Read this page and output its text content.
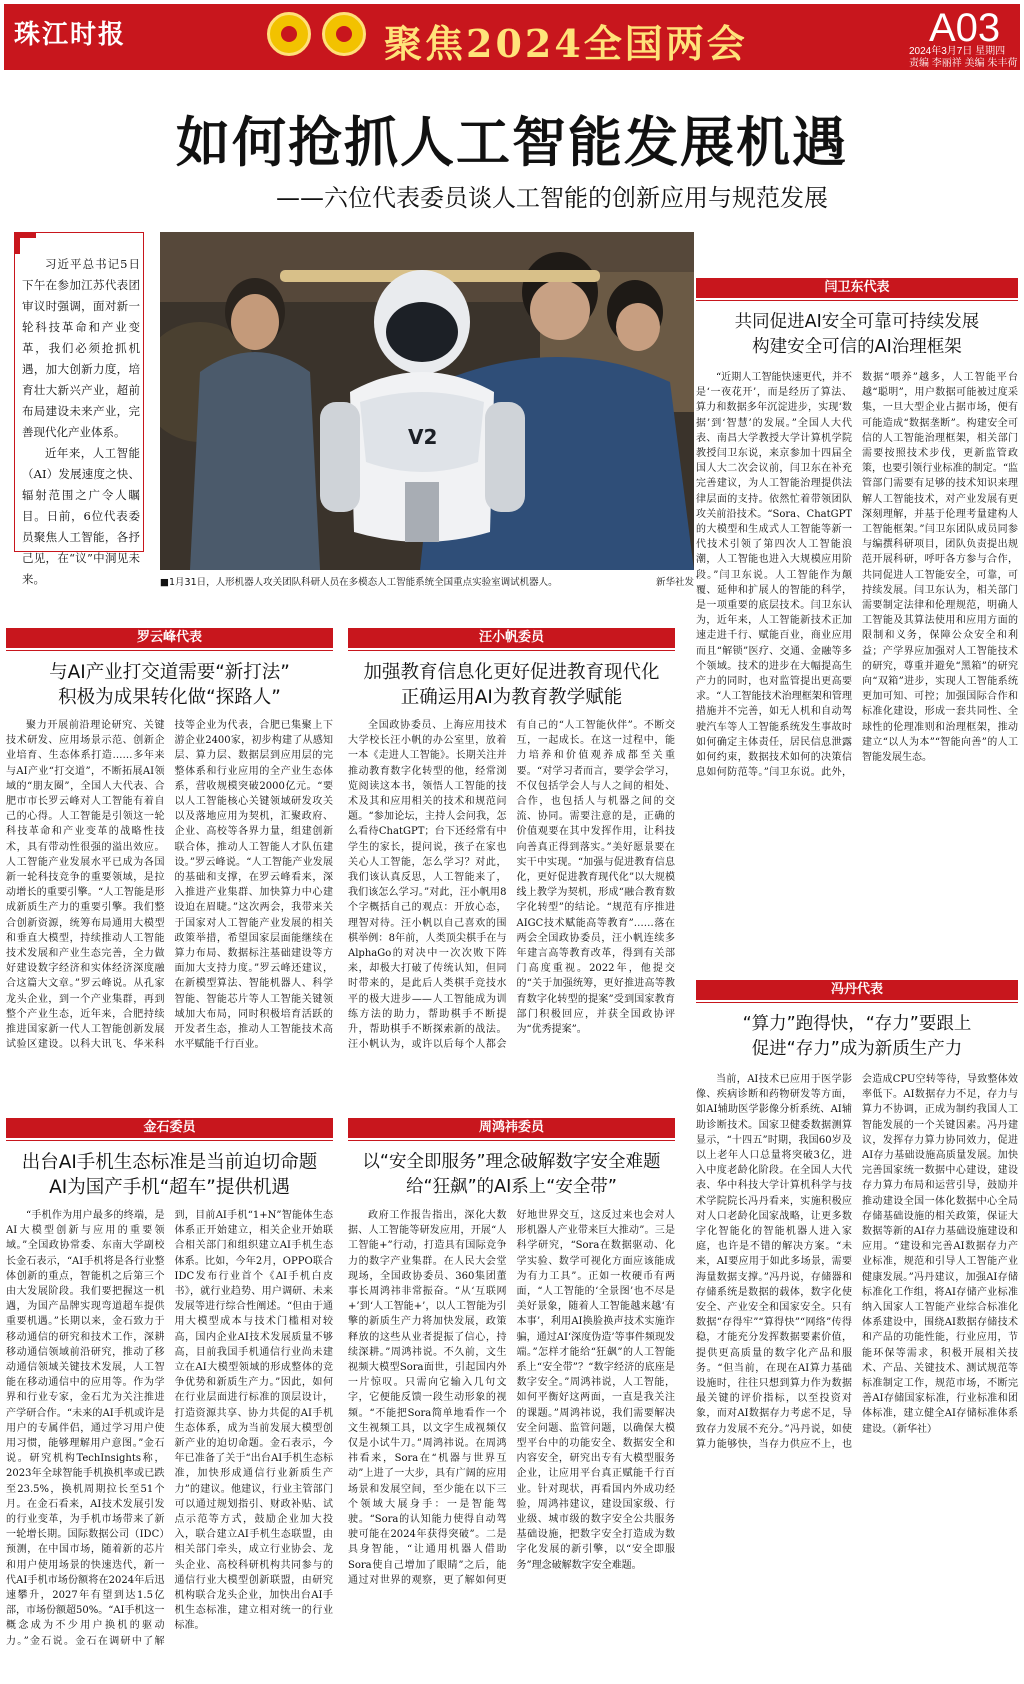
珠江时报	聚焦2024全国两会	A03
2024年3月7日 星期四
责编 李丽祥 美编 朱丰荷
如何抢抓人工智能发展机遇
——六位代表委员谈人工智能的创新应用与规范发展

习近平总书记5日下午在参加江苏代表团审议时强调，面对新一轮科技革命和产业变革，我们必须抢抓机遇，加大创新力度，培育壮大新兴产业，超前布局建设未来产业，完善现代化产业体系。

近年来，人工智能（AI）发展速度之快、辐射范围之广令人瞩目。日前，6位代表委员聚焦人工智能，各抒己见，在“议”中洞见未来。

V2
■1月31日，人形机器人攻关团队科研人员在多模态人工智能系统全国重点实验室调试机器人。	新华社发
罗云峰代表
与AI产业打交道需要“新打法”
积极为成果转化做“探路人”

聚力开展前沿理论研究、关键技术研发、应用场景示范、创新企业培育、生态体系打造……多年来与AI产业“打交道”，不断拓展AI领域的“朋友圈”，全国人大代表、合肥市市长罗云峰对人工智能有着自己的心得。人工智能是引领这一轮科技革命和产业变革的战略性技术，具有带动性很强的溢出效应。人工智能产业发展水平已成为各国新一轮科技竞争的重要领域，是拉动增长的重要引擎。“人工智能是形成新质生产力的重要引擎。我们整合创新资源，统筹布局通用大模型和垂直大模型，持续推动人工智能技术发展和产业生态完善，全力做好建设数字经济和实体经济深度融合这篇大文章。”罗云峰说。从孔家龙头企业，到一个产业集群，再到整个产业生态，近年来，合肥持续推进国家新一代人工智能创新发展试验区建设。以科大讯飞、华米科技等企业为代表，合肥已集聚上下游企业2400家，初步构建了从感知层、算力层、数据层到应用层的完整体系和行业应用的全产业生态体系，营收规模突破2000亿元。“要以人工智能核心关键领域研发攻关以及落地应用为契机，汇聚政府、企业、高校等各界力量，组建创新联合体，推动人工智能人才队伍建设。”罗云峰说。“人工智能产业发展的基础和支撑，在罗云峰看来，深入推进产业集群、加快算力中心建设迫在眉睫。”这次两会，我带来关于国家对人工智能产业发展的相关政策举措，希望国家层面能继续在算力布局、数据标注基础建设等方面加大支持力度。”罗云峰还建议，在新模型算法、智能机器人、科学智能、智能芯片等人工智能关键领域加大布局，同时积极培育活跃的开发者生态，推动人工智能技术高水平赋能千行百业。

汪小帆委员
加强教育信息化更好促进教育现代化
正确运用AI为教育教学赋能

全国政协委员、上海应用技术大学校长汪小帆的办公室里，放着一本《走进人工智能》。长期关注并推动教育数字化转型的他，经常浏览阅读这本书，领悟人工智能的技术及其和应用相关的技术和规范问题。“参加论坛，主持人会问我，怎么看待ChatGPT；台下还经常有中学生的家长，提问说，孩子在家也关心人工智能，怎么学习？对此，我们该认真反思，人工智能来了，我们该怎么学习。”对此，汪小帆用8个字概括自己的观点：开放心态，理智对待。汪小帆以自己喜欢的围棋举例：8年前，人类顶尖棋手在与AlphaGo的对决中一次次败下阵来，却极大打破了传统认知，但同时带来的，是此后人类棋手竞技水平的极大进步——人工智能成为训练方法的助力，帮助棋手不断提升，帮助棋手不断探索新的战法。汪小帆认为，或许以后每个人都会有自己的“人工智能伙伴”。不断交互，一起成长。在这一过程中，能力培养和价值观养成都至关重要。“对学习者而言，要学会学习，不仅包括学会人与人之间的相处、合作，也包括人与机器之间的交流、协同。需要注意的是，正确的价值观要在其中发挥作用，让科技向善真正得到落实。”美好愿景要在实干中实现。“加强与促进教育信息化，更好促进教育现代化”以大规模线上教学为契机，形成“融合教育数字化转型”的结论。“规范有序推进AIGC技术赋能高等教育”……落在两会全国政协委员，汪小帆连续多年建言高等教育改革，得到有关部门高度重视。2022年，他提交的“关于加强统筹，更好推进高等教育数字化转型的提案”受到国家教育部门积极回应，并获全国政协评为“优秀提案”。

闫卫东代表
共同促进AI安全可靠可持续发展
构建安全可信的AI治理框架

“近期人工智能快速更代，并不是‘一夜花开’，而是经历了算法、算力和数据多年沉淀进步，实现‘数据’到‘智慧’的发展。”全国人大代表、南昌大学教授大学计算机学院教授闫卫东说，来京参加十四届全国人大二次会议前，闫卫东在补充完善建议，为人工智能治理提供法律层面的支持。依然忙着带领团队攻关前沿技术。“Sora、ChatGPT的大模型和生成式人工智能等新一代技术引领了第四次人工智能浪潮，人工智能也进入大规模应用阶段。”闫卫东说。人工智能作为颠覆、延伸和扩展人的智能的科学，是一项重要的底层技术。闫卫东认为，近年来，人工智能新技术正加速走进千行、赋能百业，商业应用而且“解锁”医疗、交通、金融等多个领域。技术的进步在大幅提高生产力的同时，也对监管提出更高要求。“人工智能技术治理框架和管理措施并不完善，如无人机和自动驾驶汽车等人工智能系统发生事故时如何确定主体责任，居民信息泄露如何约束，数据技术如何的决策信息如何防范等。”闫卫东说。此外，数据“喂养”越多，人工智能平台越“聪明”，用户数据可能被过度采集，一旦大型企业占据市场，便有可能造成“数据垄断”。构建安全可信的人工智能治理框架，相关部门需要按照技术步伐，更新监管政策，也要引领行业标准的制定。“监管部门需要有足够的技术知识来理解人工智能技术，对产业发展有更深刻理解，并基于伦理考量建构人工智能框架。”闫卫东团队成员同参与编撰科研项目，团队负责提出规范开展科研，呼吁各方参与合作，共同促进人工智能安全，可靠，可持续发展。闫卫东认为，相关部门需要制定法律和伦理规范，明确人工智能及其算法使用和应用方面的限制和义务，保障公众安全和利益；产学界应加强对人工智能技术的研究，尊重并避免“黑箱”的研究向“双箱”进步，实现人工智能系统更加可知、可控；加强国际合作和标准化建设，形成一套共同性、全球性的伦理准则和治理框架，推动建立“以人为本”“智能向善”的人工智能发展生态。

冯丹代表
“算力”跑得快，“存力”要跟上
促进“存力”成为新质生产力

当前，AI技术已应用于医学影像、疾病诊断和药物研发等方面，如AI辅助医学影像分析系统、AI辅助诊断技术。国家卫健委数据测算显示，“十四五”时期，我国60岁及以上老年人口总量将突破3亿，进入中度老龄化阶段。在全国人大代表、华中科技大学计算机科学与技术学院院长冯丹看来，实施积极应对人口老龄化国家战略，让更多数字化智能化的智能机器人进入家庭，也许是不错的解决方案。“未来，AI要应用于如此多场景，需要海量数据支撑。”冯丹说，存储器和存储系统是数据的载体，数字化使安全、产业安全和国家安全。只有数据“存得牢”“算得快”“网络”传得稳，才能充分发挥数据要素价值，提供更高质量的数字化产品和服务。“但当前，在现在AI算力基础设施时，往往只想到算力作为数据最关键的评价指标，以至投资对象，而对AI数据存力考虑不足，导致存力发展不充分。”冯丹说，如使算力能够快，当存力供应不上，也会造成CPU空转等待，导致整体效率低下。AI数据存力不足，存力与算力不协调，正成为制约我国人工智能发展的一个关键因素。冯丹建议，发挥存力算力协同效力，促进AI存力基础设施高质量发展。加快完善国家统一数据中心建设，建设存力算力布局和运营引导，鼓励并推动建设全国一体化数据中心全局存储基础设施的相关政策，保证大数据等新的AI存力基础设施建设和应用。“建设和完善AI数据存力产业标准，规范和引导人工智能产业健康发展。”冯丹建议，加强AI存储标准化工作组，将AI存储产业标准纳入国家人工智能产业综合标准化体系建设中，围绕AI数据存储技术和产品的功能性能，行业应用，节能环保等需求，积极开展相关技术、产品、关键技术、测试规范等标准制定工作，规范市场，不断完善AI存储国家标准，行业标准和团体标准，建立健全AI存储标准体系建设。（新华社）

金石委员
出台AI手机生态标准是当前迫切命题
AI为国产手机“超车”提供机遇

“手机作为用户最多的终端，是AI大模型创新与应用的重要领域。”全国政协常委、东南大学副校长金石表示，“AI手机将是各行业整体创新的重点，智能机之后第三个由大发展阶段。我们要把握这一机遇，为国产品牌实现弯道超车提供重要机遇。”长期以来，金石致力于移动通信的研究和技术工作，深耕移动通信领域前沿研究，推动了移动通信领域关键技术发展，人工智能在移动通信中的应用等。作为学界和行业专家，金石尤为关注推进产学研合作。“未来的AI手机或许是用户的专属伴侣，通过学习用户使用习惯，能够理解用户意图。”金石说。研究机构TechInsights称，2023年全球智能手机换机率或已跌至23.5%，换机周期拉长至51个月。在金石看来，AI技术发展引发的行业变革，为手机市场带来了新一轮增长期。国际数据公司（IDC）预测，在中国市场，随着新的芯片和用户使用场景的快速迭代，新一代AI手机市场份额将在2024年后迅速攀升，2027年有望到达1.5亿部，市场份额超50%。“AI手机这一概念成为不少用户换机的驱动力。”金石说。金石在调研中了解到，目前AI手机“1+N”智能体生态体系正开始建立，相关企业开始联合相关部门和组织建立AI手机生态体系。比如，今年2月，OPPO联合IDC发布行业首个《AI手机白皮书》，就行业趋势、用户调研、未来发展等进行综合性阐述。“但由于通用大模型成本与技术门槛相对较高，国内企业AI技术发展质量不够高，目前我国手机通信行业尚未建立在AI大模型领域的形成整体的竞争优势和新质生产力。”因此，如何在行业层面进行标准的顶层设计，打造资源共享、协力共促的AI手机生态体系，成为当前发展大模型创新产业的迫切命题。金石表示，今年已准备了关于“出台AI手机生态标准，加快形成通信行业新质生产力”的建议。他建议，行业主管部门可以通过规划指引、财政补贴、试点示范等方式，鼓励企业加大投入，联合建立AI手机生态联盟，由相关部门牵头，成立行业协会、龙头企业、高校科研机构共同参与的通信行业大模型创新联盟，由研究机构联合龙头企业，加快出台AI手机生态标准，建立相对统一的行业标准。

周鸿祎委员
以“安全即服务”理念破解数字安全难题
给“狂飙”的AI系上“安全带”

政府工作报告指出，深化大数据、人工智能等研发应用，开展“人工智能+”行动，打造具有国际竞争力的数字产业集群。在人民大会堂现场，全国政协委员、360集团董事长周鸿祎非常振奋。“从‘互联网+’到‘人工智能+’，以人工智能为引擎的新质生产力将加快发展，政策释放的这些从业者提振了信心，持续深耕。”周鸿祎说。不久前，文生视频大模型Sora面世，引起国内外一片惊叹。只需向它输入几句文字，它便能反馈一段生动形象的视频。“不能把Sora简单地看作一个文生视频工具，以文字生成视频仅仅是小试牛刀。”周鸿祎说。在周鸿祎看来，Sora在“机器与世界互动”上进了一大步，具有广阔的应用场景和发展空间，至少能在以下三个领域大展身手：一是智能驾驶。“Sora的认知能力使得自动驾驶可能在2024年获得突破”。二是具身智能，“让通用机器人借助Sora使自己增加了眼睛”之后，能通过对世界的观察，更了解如何更好地世界交互，这反过来也会对人形机器人产业带来巨大推动”。三是科学研究，“Sora在数据驱动、化学实验、数学可视化方面应该能成为有力工具”。正如一枚硬币有两面，“人工智能的‘全景图’也不尽是美好景象，随着人工智能越来越‘有本事’，利用AI换脸换声技术实施诈骗，通过AI‘深度伪造’等事件频现发端。”怎样才能给“狂飙”的人工智能系上“安全带”？“数字经济的底座是数字安全。”周鸿祎说，人工智能，如何平衡好这两面，一直是我关注的课题。”周鸿祎说，我们需要解决安全问题、监管问题，以确保大模型平台中的功能安全、数据安全和内容安全，研究出专有大模型服务企业，让应用平台真正赋能千行百业。针对现状，再看国内外成功经验，周鸿祎建议，建设国家级、行业级、城市级的数字安全公共服务基础设施，把数字安全打造成为数字化发展的新引擎，以“安全即服务”理念破解数字安全难题。
